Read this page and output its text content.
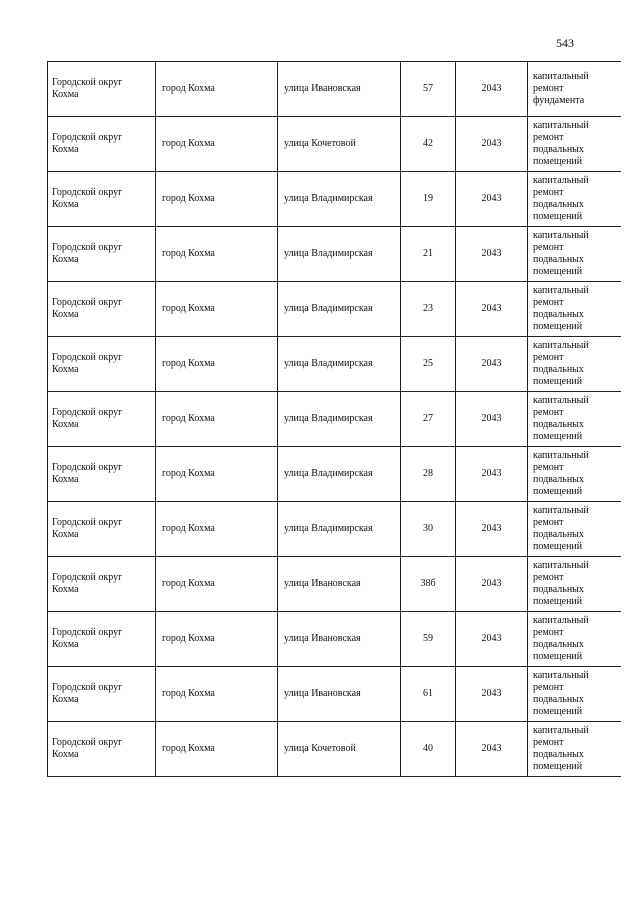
543
Городской округ Кохма	город Кохма	улица Ивановская	57	2043	капитальный ремонт фундамента

Городской округ Кохма	город Кохма	улица Кочетовой	42	2043	капитальный ремонт подвальных помещений

Городской округ Кохма	город Кохма	улица Владимирская	19	2043	капитальный ремонт подвальных помещений

Городской округ Кохма	город Кохма	улица Владимирская	21	2043	капитальный ремонт подвальных помещений

Городской округ Кохма	город Кохма	улица Владимирская	23	2043	капитальный ремонт подвальных помещений

Городской округ Кохма	город Кохма	улица Владимирская	25	2043	капитальный ремонт подвальных помещений

Городской округ Кохма	город Кохма	улица Владимирская	27	2043	капитальный ремонт подвальных помещений

Городской округ Кохма	город Кохма	улица Владимирская	28	2043	капитальный ремонт подвальных помещений

Городской округ Кохма	город Кохма	улица Владимирская	30	2043	капитальный ремонт подвальных помещений

Городской округ Кохма	город Кохма	улица Ивановская	38б	2043	капитальный ремонт подвальных помещений

Городской округ Кохма	город Кохма	улица Ивановская	59	2043	капитальный ремонт подвальных помещений

Городской округ Кохма	город Кохма	улица Ивановская	61	2043	капитальный ремонт подвальных помещений

Городской округ Кохма	город Кохма	улица Кочетовой	40	2043	капитальный ремонт подвальных помещений
